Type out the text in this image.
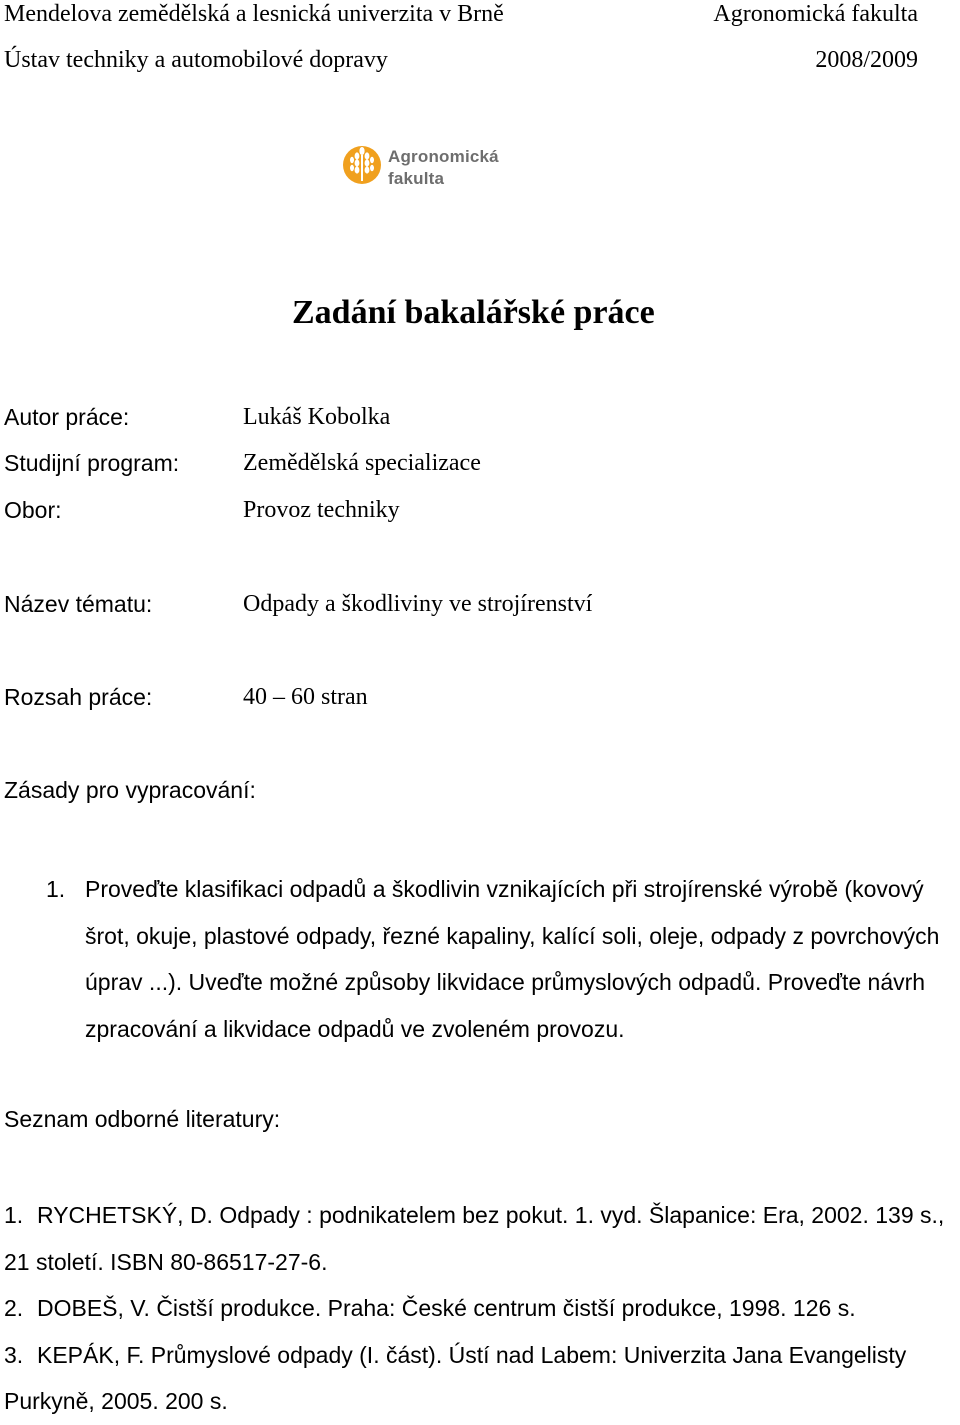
Mendelova zemědělská a lesnická univerzita v Brně	Agronomická fakulta
Ústav techniky a automobilové dopravy	2008/2009
Agronomická
fakulta
Zadání bakalářské práce
Autor práce:	Lukáš Kobolka
Studijní program:	Zemědělská specializace
Obor:	Provoz techniky
Název tématu:	Odpady a škodliviny ve strojírenství
Rozsah práce:	40 – 60 stran
Zásady pro vypracování:
1. Proveďte klasifikaci odpadů a škodlivin vznikajících při strojírenské výrobě (kovový šrot, okuje, plastové odpady, řezné kapaliny, kalící soli, oleje, odpady z povrchových úprav ...). Uveďte možné způsoby likvidace průmyslových odpadů. Proveďte návrh zpracování a likvidace odpadů ve zvoleném provozu.
Seznam odborné literatury:
1. RYCHETSKÝ, D. Odpady : podnikatelem bez pokut. 1. vyd. Šlapanice: Era, 2002. 139 s., 21 století. ISBN 80-86517-27-6.
2. DOBEŠ, V. Čistší produkce. Praha: České centrum čistší produkce, 1998. 126 s.
3. KEPÁK, F. Průmyslové odpady (I. část). Ústí nad Labem: Univerzita Jana Evangelisty Purkyně, 2005. 200 s.
